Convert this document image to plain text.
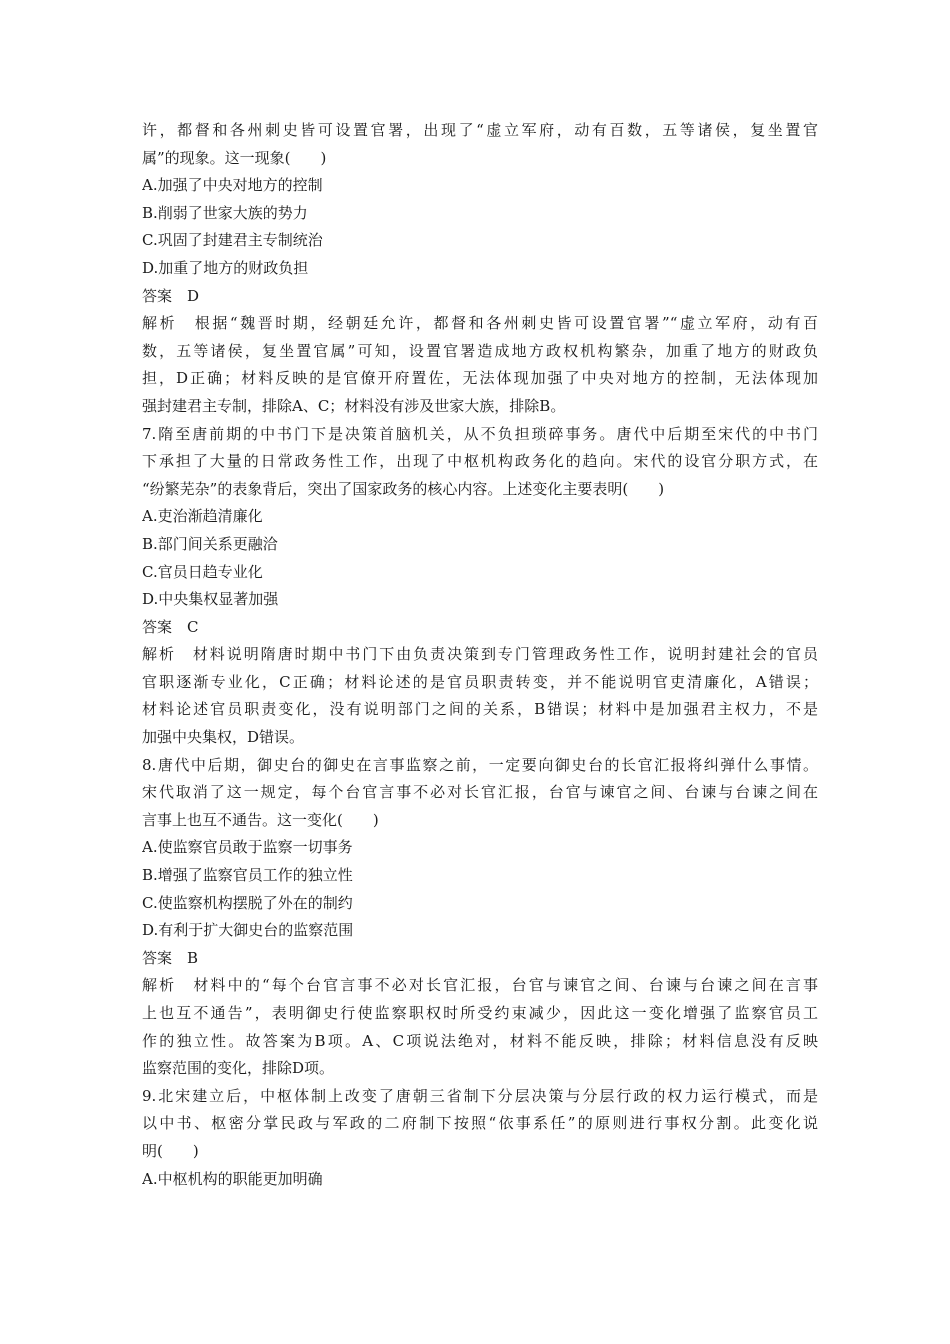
许，都督和各州刺史皆可设置官署，出现了“虚立军府，动有百数，五等诸侯，复坐置官
属”的现象。这一现象(　　)
A.加强了中央对地方的控制
B.削弱了世家大族的势力
C.巩固了封建君主专制统治
D.加重了地方的财政负担
答案　D
解析　根据“魏晋时期，经朝廷允许，都督和各州刺史皆可设置官署”“虚立军府，动有百
数，五等诸侯，复坐置官属”可知，设置官署造成地方政权机构繁杂，加重了地方的财政负
担，D正确；材料反映的是官僚开府置佐，无法体现加强了中央对地方的控制，无法体现加
强封建君主专制，排除A、C；材料没有涉及世家大族，排除B。
7.隋至唐前期的中书门下是决策首脑机关，从不负担琐碎事务。唐代中后期至宋代的中书门
下承担了大量的日常政务性工作，出现了中枢机构政务化的趋向。宋代的设官分职方式，在
“纷繁芜杂”的表象背后，突出了国家政务的核心内容。上述变化主要表明(　　)
A.吏治渐趋清廉化
B.部门间关系更融洽
C.官员日趋专业化
D.中央集权显著加强
答案　C
解析　材料说明隋唐时期中书门下由负责决策到专门管理政务性工作，说明封建社会的官员
官职逐渐专业化，C正确；材料论述的是官员职责转变，并不能说明官吏清廉化，A错误；
材料论述官员职责变化，没有说明部门之间的关系，B错误；材料中是加强君主权力，不是
加强中央集权，D错误。
8.唐代中后期，御史台的御史在言事监察之前，一定要向御史台的长官汇报将纠弹什么事情。
宋代取消了这一规定，每个台官言事不必对长官汇报，台官与谏官之间、台谏与台谏之间在
言事上也互不通告。这一变化(　　)
A.使监察官员敢于监察一切事务
B.增强了监察官员工作的独立性
C.使监察机构摆脱了外在的制约
D.有利于扩大御史台的监察范围
答案　B
解析　材料中的“每个台官言事不必对长官汇报，台官与谏官之间、台谏与台谏之间在言事
上也互不通告”，表明御史行使监察职权时所受约束减少，因此这一变化增强了监察官员工
作的独立性。故答案为B项。A、C项说法绝对，材料不能反映，排除；材料信息没有反映
监察范围的变化，排除D项。
9.北宋建立后，中枢体制上改变了唐朝三省制下分层决策与分层行政的权力运行模式，而是
以中书、枢密分掌民政与军政的二府制下按照“依事系任”的原则进行事权分割。此变化说
明(　　)
A.中枢机构的职能更加明确
